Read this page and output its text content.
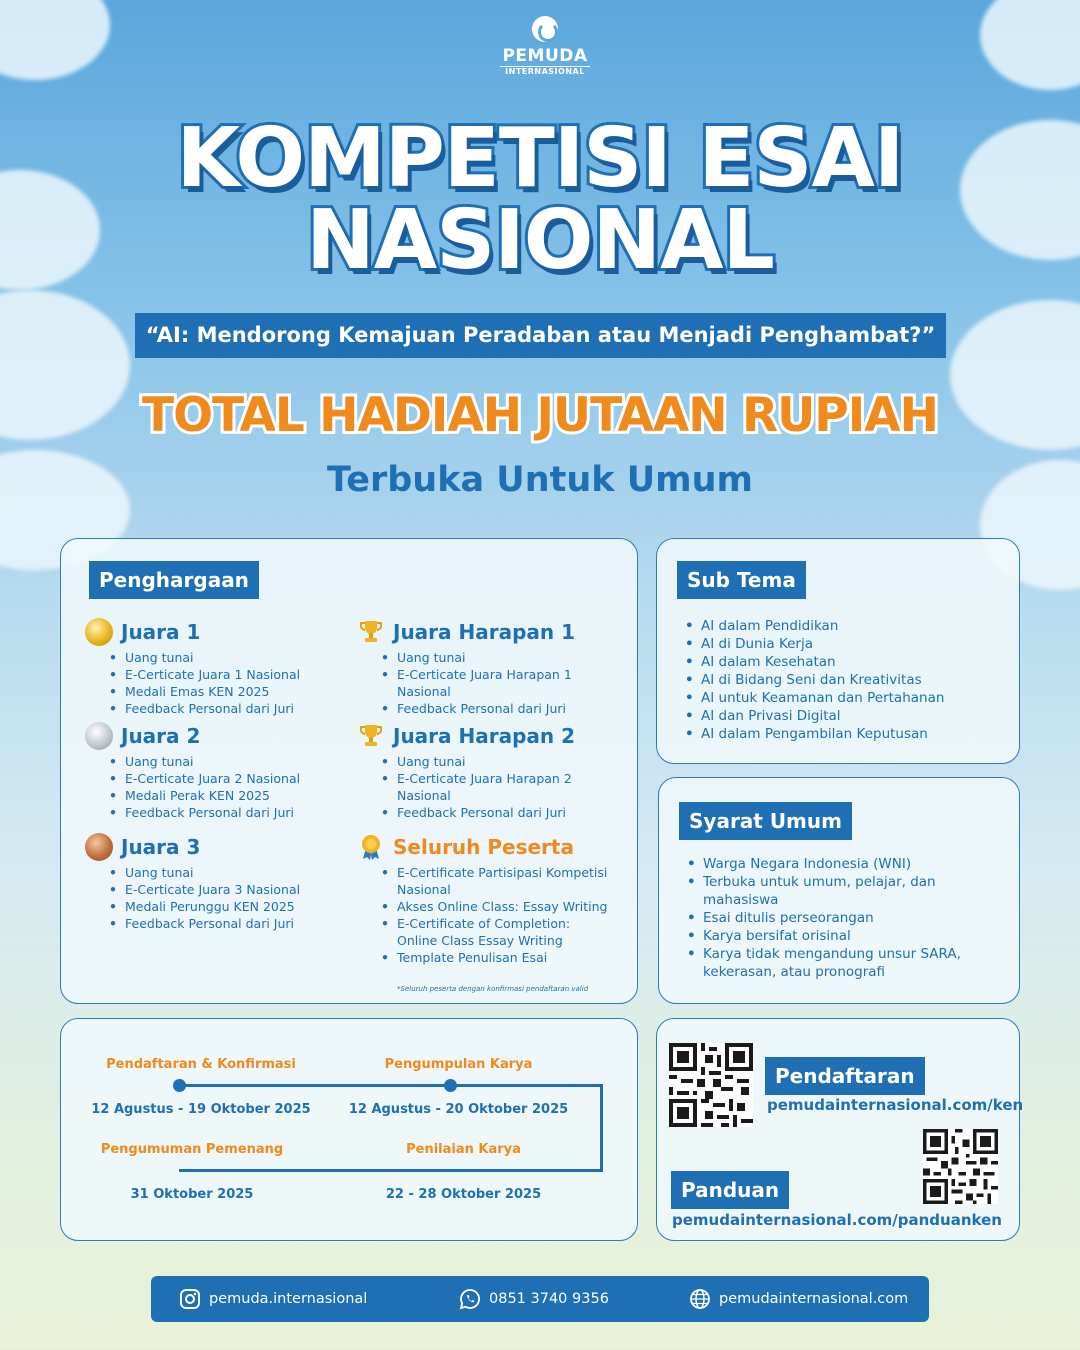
PEMUDA
INTERNASIONAL
KOMPETISI ESAI
NASIONAL
“AI: Mendorong Kemajuan Peradaban atau Menjadi Penghambat?”
TOTAL HADIAH JUTAAN RUPIAH
Terbuka Untuk Umum
Penghargaan
Juara 1
• Uang tunai
• E-Certicate Juara 1 Nasional
• Medali Emas KEN 2025
• Feedback Personal dari Juri
Juara 2
• Uang tunai
• E-Certicate Juara 2 Nasional
• Medali Perak KEN 2025
• Feedback Personal dari Juri
Juara 3
• Uang tunai
• E-Certicate Juara 3 Nasional
• Medali Perunggu KEN 2025
• Feedback Personal dari Juri
Juara Harapan 1
• Uang tunai
• E-Certicate Juara Harapan 1 Nasional
• Feedback Personal dari Juri
Juara Harapan 2
• Uang tunai
• E-Certicate Juara Harapan 2 Nasional
• Feedback Personal dari Juri
Seluruh Peserta
• E-Certificate Partisipasi Kompetisi Nasional
• Akses Online Class: Essay Writing
• E-Certificate of Completion: Online Class Essay Writing
• Template Penulisan Esai
*Seluruh peserta dengan konfirmasi pendaftaran valid
Sub Tema
• AI dalam Pendidikan
• AI di Dunia Kerja
• AI dalam Kesehatan
• AI di Bidang Seni dan Kreativitas
• AI untuk Keamanan dan Pertahanan
• AI dan Privasi Digital
• AI dalam Pengambilan Keputusan
Syarat Umum
• Warga Negara Indonesia (WNI)
• Terbuka untuk umum, pelajar, dan mahasiswa
• Esai ditulis perseorangan
• Karya bersifat orisinal
• Karya tidak mengandung unsur SARA, kekerasan, atau pronografi
Pendaftaran & Konfirmasi
12 Agustus - 19 Oktober 2025
Pengumpulan Karya
12 Agustus - 20 Oktober 2025
Pengumuman Pemenang
31 Oktober 2025
Penilaian Karya
22 - 28 Oktober 2025
Pendaftaran
pemudainternasional.com/ken
Panduan
pemudainternasional.com/panduanken
pemuda.internasional	0851 3740 9356	pemudainternasional.com
